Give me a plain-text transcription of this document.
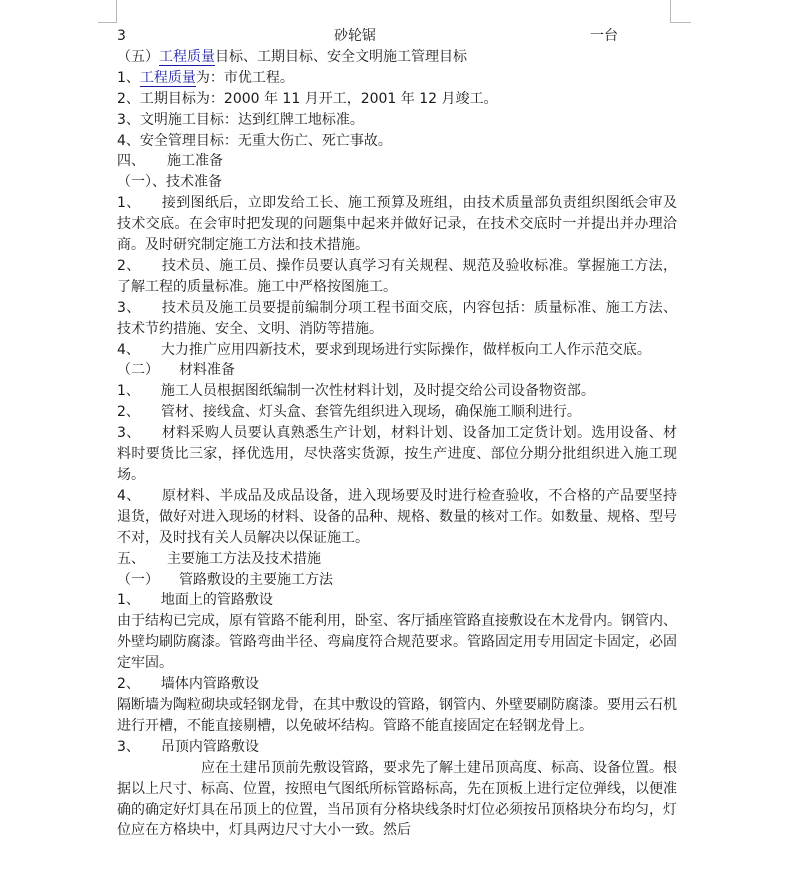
3	砂轮锯	一台
（五）工程质量目标、工期目标、安全文明施工管理目标
1、工程质量为：市优工程。
2、工期目标为：2000 年 11 月开工，2001 年 12 月竣工。
3、文明施工目标：达到红牌工地标准。
4、安全管理目标：无重大伤亡、死亡事故。
四、 施工准备
（一）、技术准备
1、 接到图纸后，立即发给工长、施工预算及班组，由技术质量部负责组织图纸会审及技术交底。在会审时把发现的问题集中起来并做好记录，在技术交底时一并提出并办理洽商。及时研究制定施工方法和技术措施。
2、 技术员、施工员、操作员要认真学习有关规程、规范及验收标准。掌握施工方法，了解工程的质量标准。施工中严格按图施工。
3、 技术员及施工员要提前编制分项工程书面交底，内容包括：质量标准、施工方法、技术节约措施、安全、文明、消防等措施。
4、 大力推广应用四新技术，要求到现场进行实际操作，做样板向工人作示范交底。
（二） 材料准备
1、 施工人员根据图纸编制一次性材料计划，及时提交给公司设备物资部。
2、 管材、接线盒、灯头盒、套管先组织进入现场，确保施工顺利进行。
3、 材料采购人员要认真熟悉生产计划，材料计划、设备加工定货计划。选用设备、材料时要货比三家，择优选用，尽快落实货源，按生产进度、部位分期分批组织进入施工现场。
4、 原材料、半成品及成品设备，进入现场要及时进行检查验收，不合格的产品要坚持退货，做好对进入现场的材料、设备的品种、规格、数量的核对工作。如数量、规格、型号不对，及时找有关人员解决以保证施工。
五、 主要施工方法及技术措施
（一） 管路敷设的主要施工方法
1、 地面上的管路敷设
由于结构已完成，原有管路不能利用，卧室、客厅插座管路直接敷设在木龙骨内。钢管内、外壁均刷防腐漆。管路弯曲半径、弯扁度符合规范要求。管路固定用专用固定卡固定，必固定牢固。
2、 墙体内管路敷设
隔断墙为陶粒砌块或轻钢龙骨，在其中敷设的管路，钢管内、外壁要刷防腐漆。要用云石机进行开槽，不能直接剔槽，以免破坏结构。管路不能直接固定在轻钢龙骨上。
3、 吊顶内管路敷设
应在土建吊顶前先敷设管路，要求先了解土建吊顶高度、标高、设备位置。根据以上尺寸、标高、位置，按照电气图纸所标管路标高，先在顶板上进行定位弹线，以便准确的确定好灯具在吊顶上的位置，当吊顶有分格块线条时灯位必须按吊顶格块分布均匀，灯位应在方格块中，灯具两边尺寸大小一致。然后
